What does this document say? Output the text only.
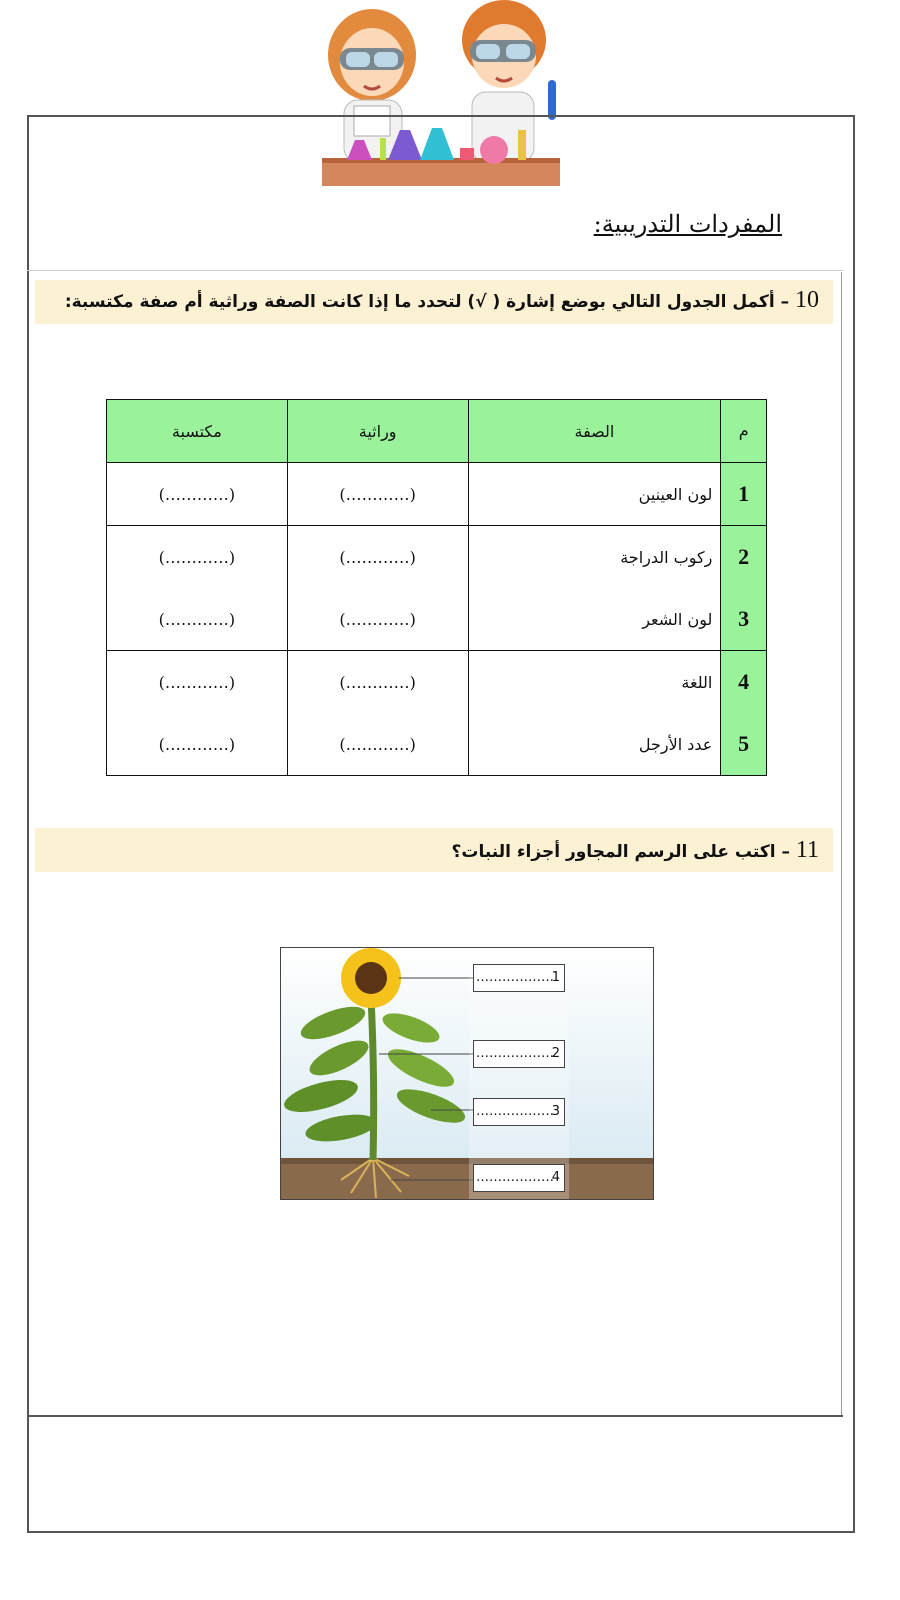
المفردات التدريبية:
10 – أكمل الجدول التالي بوضع إشارة ( √) لتحدد ما إذا كانت الصفة وراثية أم صفة مكتسبة:
م	الصفة	وراثية	مكتسبة
1	لون العينين	(…………)	(…………)
2	ركوب الدراجة	(…………)	(…………)
3	لون الشعر	(…………)	(…………)
4	اللغة	(…………)	(…………)
5	عدد الأرجل	(…………)	(…………)
11 – اكتب على الرسم المجاور أجزاء النبات؟
………………
1
………………
2
………………
3
………………
4
